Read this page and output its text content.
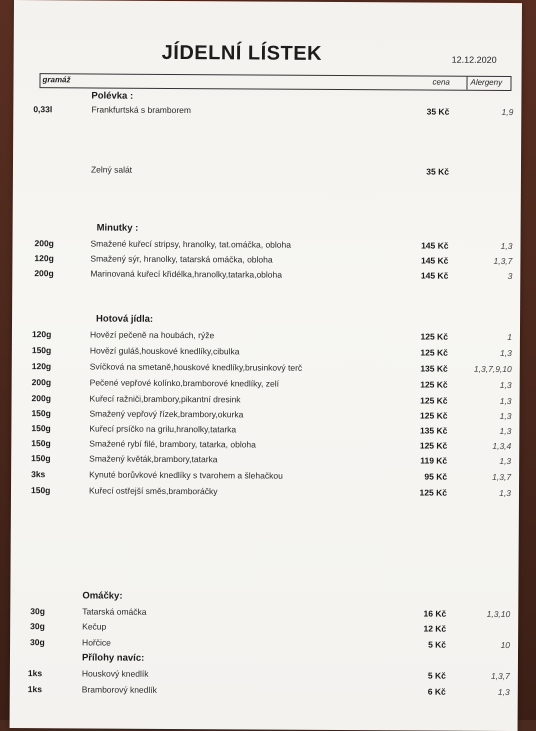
JÍDELNÍ LÍSTEK	12.12.2020
gramáž	cena	Alergeny
Polévka :
0,33l	Frankfurtská s bramborem	35 Kč	1,9
Zelný salát	35 Kč
Minutky :
200g	Smažené kuřecí stripsy, hranolky, tat.omáčka, obloha	145 Kč	1,3
120g	Smažený sýr, hranolky, tatarská omáčka, obloha	145 Kč	1,3,7
200g	Marinovaná kuřecí křidélka,hranolky,tatarka,obloha	145 Kč	3
Hotová jídla:
120g	Hovězí pečeně na houbách, rýže	125 Kč	1
150g	Hovězí guláš,houskové knedlíky,cibulka	125 Kč	1,3
120g	Svíčková na smetaně,houskové knedlíky,brusinkový terč	135 Kč	1,3,7,9,10
200g	Pečené vepřové kolínko,bramborové knedlíky, zelí	125 Kč	1,3
200g	Kuřecí ražniči,brambory,pikantní dresink	125 Kč	1,3
150g	Smažený vepřový řízek,brambory,okurka	125 Kč	1,3
150g	Kuřecí prsíčko na grilu,hranolky,tatarka	135 Kč	1,3
150g	Smažené rybí filé, brambory, tatarka, obloha	125 Kč	1,3,4
150g	Smažený květák,brambory,tatarka	119 Kč	1,3
3ks	Kynuté borůvkové knedlíky s tvarohem a šlehačkou	95 Kč	1,3,7
150g	Kuřecí ostřejší směs,bramboráčky	125 Kč	1,3
Omáčky:
30g	Tatarská omáčka	16 Kč	1,3,10
30g	Kečup	12 Kč
30g	Hořčice	5 Kč	10
Přílohy navíc:
1ks	Houskový knedlík	5 Kč	1,3,7
1ks	Bramborový knedlík	6 Kč	1,3
